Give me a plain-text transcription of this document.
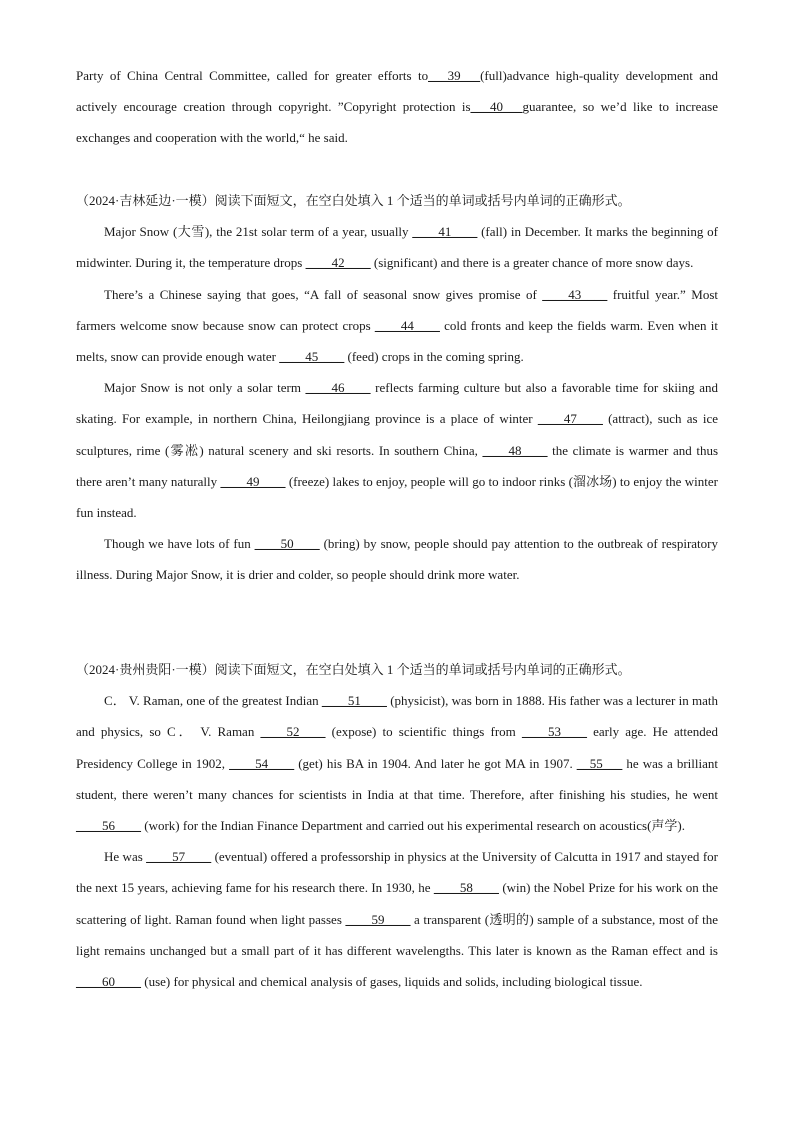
Party of China Central Committee, called for greater efforts to___39___(full)advance high-quality development and actively encourage creation through copyright. ”Copyright protection is___40___guarantee, so we’d like to increase exchanges and cooperation with the world,“ he said.

（2024·吉林延边·一模）阅读下面短文，在空白处填入 1 个适当的单词或括号内单词的正确形式。

Major Snow (大雪), the 21st solar term of a year, usually ____41____ (fall) in December. It marks the beginning of midwinter. During it, the temperature drops ____42____ (significant) and there is a greater chance of more snow days.

There’s a Chinese saying that goes, “A fall of seasonal snow gives promise of ____43____ fruitful year.” Most farmers welcome snow because snow can protect crops ____44____ cold fronts and keep the fields warm. Even when it melts, snow can provide enough water ____45____ (feed) crops in the coming spring.

Major Snow is not only a solar term ____46____ reflects farming culture but also a favorable time for skiing and skating. For example, in northern China, Heilongjiang province is a place of winter ____47____ (attract), such as ice sculptures, rime (雾凇) natural scenery and ski resorts. In southern China, ____48____ the climate is warmer and thus there aren’t many naturally ____49____ (freeze) lakes to enjoy, people will go to indoor rinks (溜冰场) to enjoy the winter fun instead.

Though we have lots of fun ____50____ (bring) by snow, people should pay attention to the outbreak of respiratory illness. During Major Snow, it is drier and colder, so people should drink more water.

（2024·贵州贵阳·一模）阅读下面短文，在空白处填入 1 个适当的单词或括号内单词的正确形式。

C． V. Raman, one of the greatest Indian ____51____ (physicist), was born in 1888. His father was a lecturer in math and physics, so C． V. Raman ____52____ (expose) to scientific things from ____53____ early age. He attended Presidency College in 1902, ____54____ (get) his BA in 1904. And later he got MA in 1907. __55___ he was a brilliant student, there weren’t many chances for scientists in India at that time. Therefore, after finishing his studies, he went ____56____ (work) for the Indian Finance Department and carried out his experimental research on acoustics(声学).

He was ____57____ (eventual) offered a professorship in physics at the University of Calcutta in 1917 and stayed for the next 15 years, achieving fame for his research there. In 1930, he ____58____ (win) the Nobel Prize for his work on the scattering of light. Raman found when light passes ____59____ a transparent (透明的) sample of a substance, most of the light remains unchanged but a small part of it has different wavelengths. This later is known as the Raman effect and is ____60____ (use) for physical and chemical analysis of gases, liquids and solids, including biological tissue.
